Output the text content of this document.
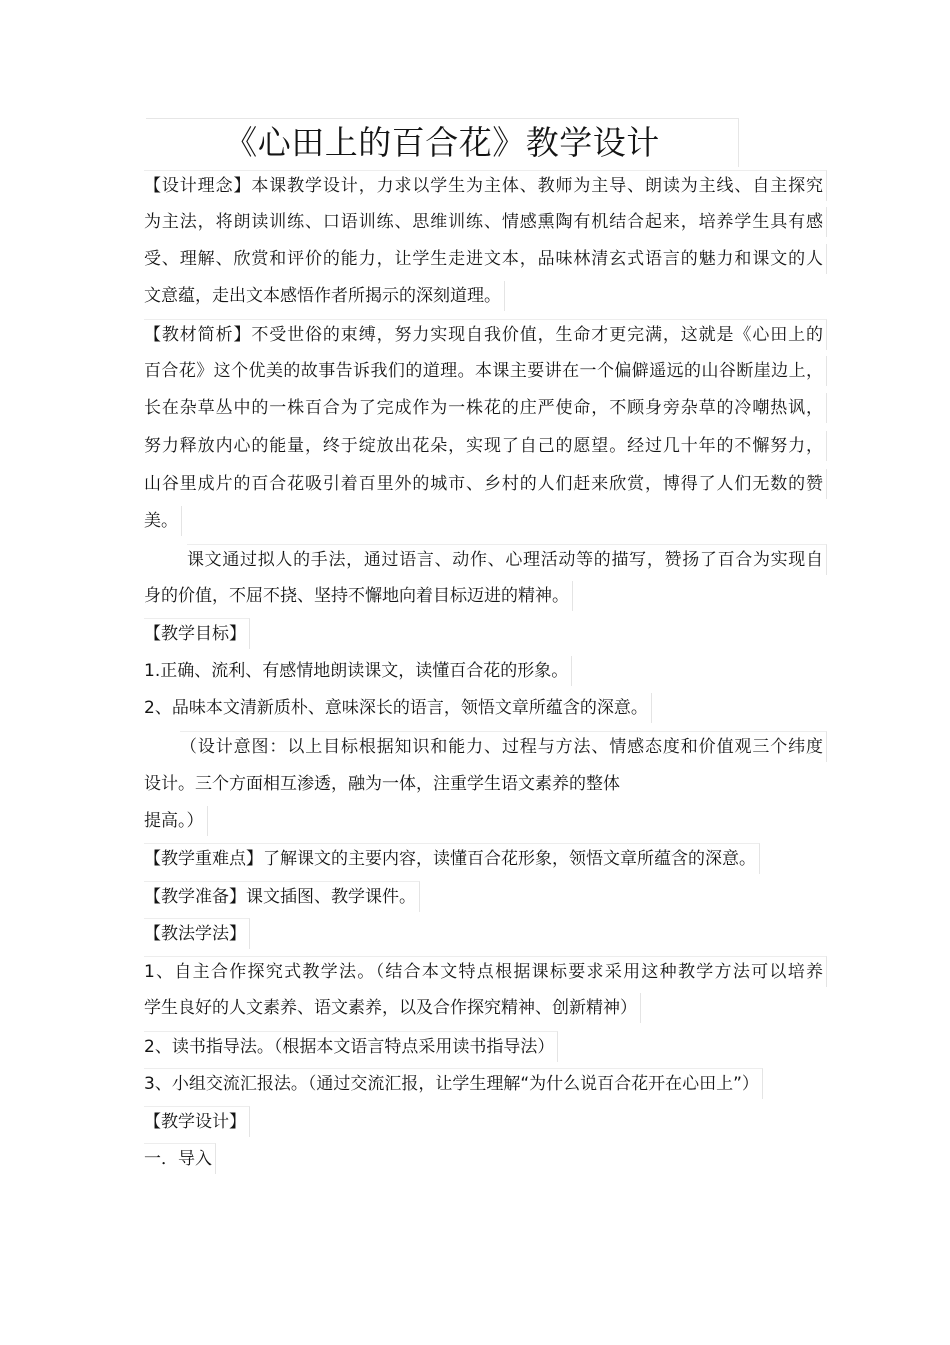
《心田上的百合花》教学设计
【设计理念】本课教学设计，力求以学生为主体、教师为主导、朗读为主线、自主探究
为主法，将朗读训练、口语训练、思维训练、情感熏陶有机结合起来，培养学生具有感
受、理解、欣赏和评价的能力，让学生走进文本，品味林清玄式语言的魅力和课文的人
文意蕴，走出文本感悟作者所揭示的深刻道理。
【教材简析】不受世俗的束缚，努力实现自我价值，生命才更完满，这就是《心田上的
百合花》这个优美的故事告诉我们的道理。本课主要讲在一个偏僻遥远的山谷断崖边上，
长在杂草丛中的一株百合为了完成作为一株花的庄严使命，不顾身旁杂草的冷嘲热讽，
努力释放内心的能量，终于绽放出花朵，实现了自己的愿望。经过几十年的不懈努力，
山谷里成片的百合花吸引着百里外的城市、乡村的人们赶来欣赏，博得了人们无数的赞
美。
课文通过拟人的手法，通过语言、动作、心理活动等的描写，赞扬了百合为实现自
身的价值，不屈不挠、坚持不懈地向着目标迈进的精神。
【教学目标】
1.正确、流利、有感情地朗读课文，读懂百合花的形象。
2、品味本文清新质朴、意味深长的语言，领悟文章所蕴含的深意。
（设计意图：以上目标根据知识和能力、过程与方法、情感态度和价值观三个纬度
设计。三个方面相互渗透，融为一体，注重学生语文素养的整体
提高。）
【教学重难点】了解课文的主要内容，读懂百合花形象，领悟文章所蕴含的深意。
【教学准备】课文插图、教学课件。
【教法学法】
1、自主合作探究式教学法。（结合本文特点根据课标要求采用这种教学方法可以培养
学生良好的人文素养、语文素养，以及合作探究精神、创新精神）
2、读书指导法。（根据本文语言特点采用读书指导法）
3、小组交流汇报法。（通过交流汇报，让学生理解“为什么说百合花开在心田上”）
【教学设计】
一．导入
